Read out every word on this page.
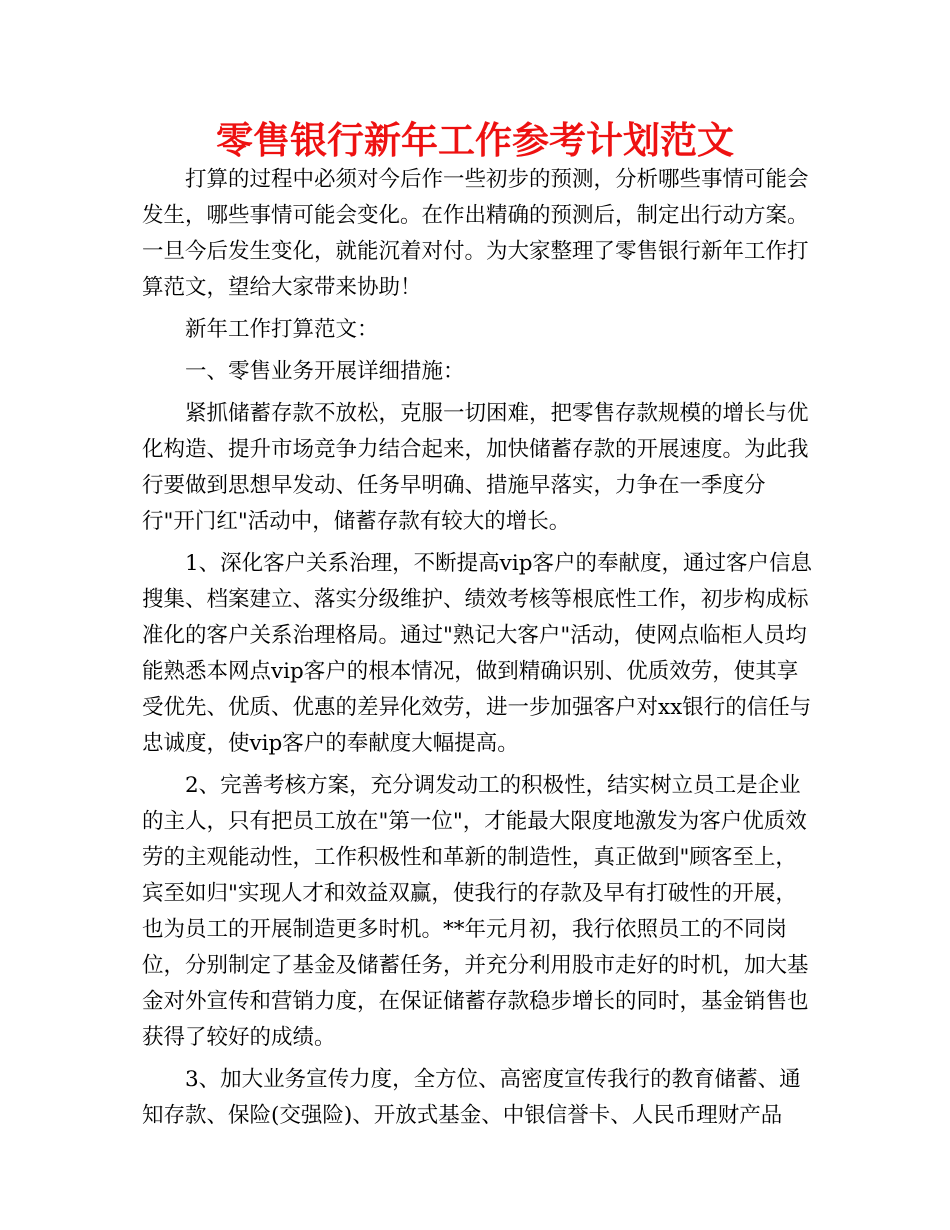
零售银行新年工作参考计划范文

打算的过程中必须对今后作一些初步的预测，分析哪些事情可能会发生，哪些事情可能会变化。在作出精确的预测后，制定出行动方案。一旦今后发生变化，就能沉着对付。为大家整理了零售银行新年工作打算范文，望给大家带来协助！

新年工作打算范文：

一、零售业务开展详细措施：

紧抓储蓄存款不放松，克服一切困难，把零售存款规模的增长与优化构造、提升市场竞争力结合起来，加快储蓄存款的开展速度。为此我行要做到思想早发动、任务早明确、措施早落实，力争在一季度分行"开门红"活动中，储蓄存款有较大的增长。

1、深化客户关系治理，不断提高vip客户的奉献度，通过客户信息搜集、档案建立、落实分级维护、绩效考核等根底性工作，初步构成标准化的客户关系治理格局。通过"熟记大客户"活动，使网点临柜人员均能熟悉本网点vip客户的根本情况，做到精确识别、优质效劳，使其享受优先、优质、优惠的差异化效劳，进一步加强客户对xx银行的信任与忠诚度，使vip客户的奉献度大幅提高。

2、完善考核方案，充分调发动工的积极性，结实树立员工是企业的主人，只有把员工放在"第一位"，才能最大限度地激发为客户优质效劳的主观能动性，工作积极性和革新的制造性，真正做到"顾客至上，宾至如归"实现人才和效益双赢，使我行的存款及早有打破性的开展，也为员工的开展制造更多时机。**年元月初，我行依照员工的不同岗位，分别制定了基金及储蓄任务，并充分利用股市走好的时机，加大基金对外宣传和营销力度，在保证储蓄存款稳步增长的同时，基金销售也获得了较好的成绩。

3、加大业务宣传力度，全方位、高密度宣传我行的教育储蓄、通知存款、保险(交强险)、开放式基金、中银信誉卡、人民币理财产品
